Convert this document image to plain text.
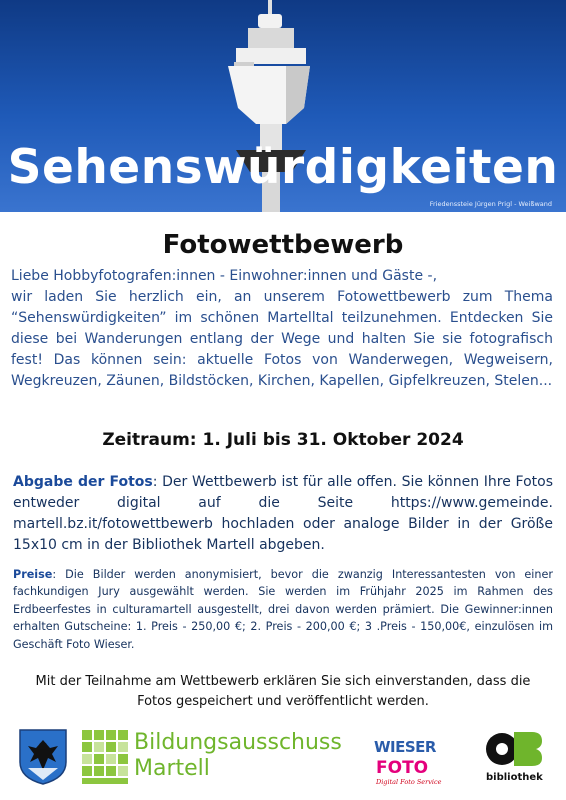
Sehenswürdigkeiten
Friedenssteie Jürgen Prigl - Weißwand
Fotowettbewerb
Liebe Hobbyfotografen:innen - Einwohner:innen und Gäste -,
wir laden Sie herzlich ein, an unserem Fotowettbewerb zum Thema “Sehenswürdigkeiten” im schönen Martelltal teilzunehmen. Entdecken Sie diese bei Wanderungen entlang der Wege und halten Sie sie fotografisch fest! Das können sein: aktuelle Fotos von Wanderwegen, Wegweisern, Wegkreuzen, Zäunen, Bildstöcken, Kirchen, Kapellen, Gipfelkreuzen, Stelen...
Zeitraum: 1. Juli bis 31. Oktober 2024
Abgabe der Fotos: Der Wettbewerb ist für alle offen. Sie können Ihre Fotos entweder digital auf die Seite https://www.gemeinde. martell.bz.it/fotowettbewerb hochladen oder analoge Bilder in der Größe 15x10 cm in der Bibliothek Martell abgeben.
Preise: Die Bilder werden anonymisiert, bevor die zwanzig Interessantesten von einer fachkundigen Jury ausgewählt werden. Sie werden im Frühjahr 2025 im Rahmen des Erdbeerfestes in culturamartell ausgestellt, drei davon werden prämiert. Die Gewinner:innen erhalten Gutscheine: 1. Preis - 250,00 €; 2. Preis - 200,00 €; 3 .Preis - 150,00€, einzulösen im Geschäft Foto Wieser.
Mit der Teilnahme am Wettbewerb erklären Sie sich einverstanden, dass die Fotos gespeichert und veröffentlicht werden.
Bildungsausschuss
Martell
WIESER
FOTO
Digital Foto Service	bibliothek
